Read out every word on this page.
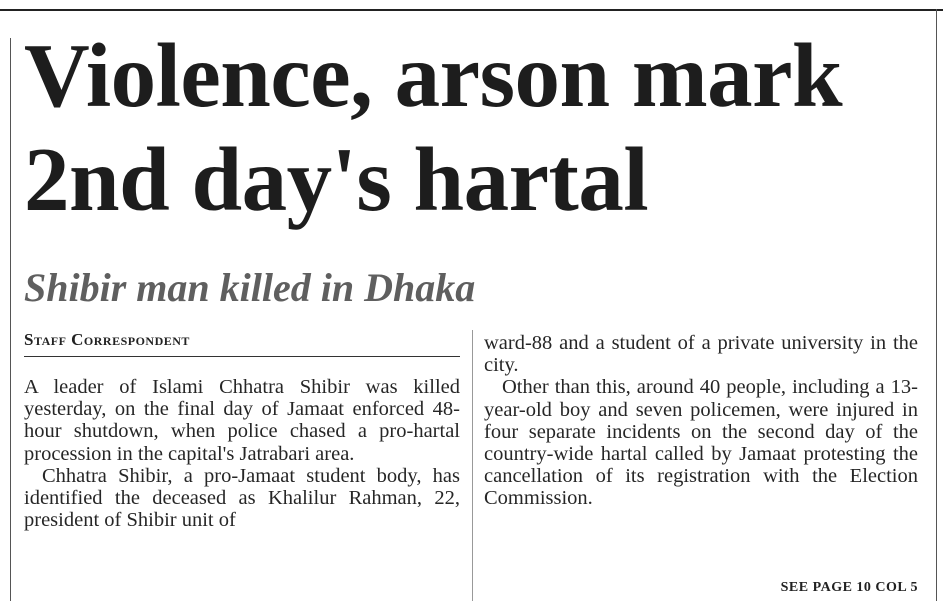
Violence, arson mark 2nd day's hartal
Shibir man killed in Dhaka
Staff Correspondent

A leader of Islami Chhatra Shibir was killed yesterday, on the final day of Jamaat enforced 48-hour shutdown, when police chased a pro-hartal procession in the capital's Jatrabari area.

Chhatra Shibir, a pro-Jamaat student body, has identified the deceased as Khalilur Rahman, 22, president of Shibir unit of

ward-88 and a student of a private university in the city.

Other than this, around 40 people, including a 13-year-old boy and seven policemen, were injured in four separate incidents on the second day of the country-wide hartal called by Jamaat protesting the cancellation of its registration with the Election Commission.

SEE PAGE 10 COL 5
